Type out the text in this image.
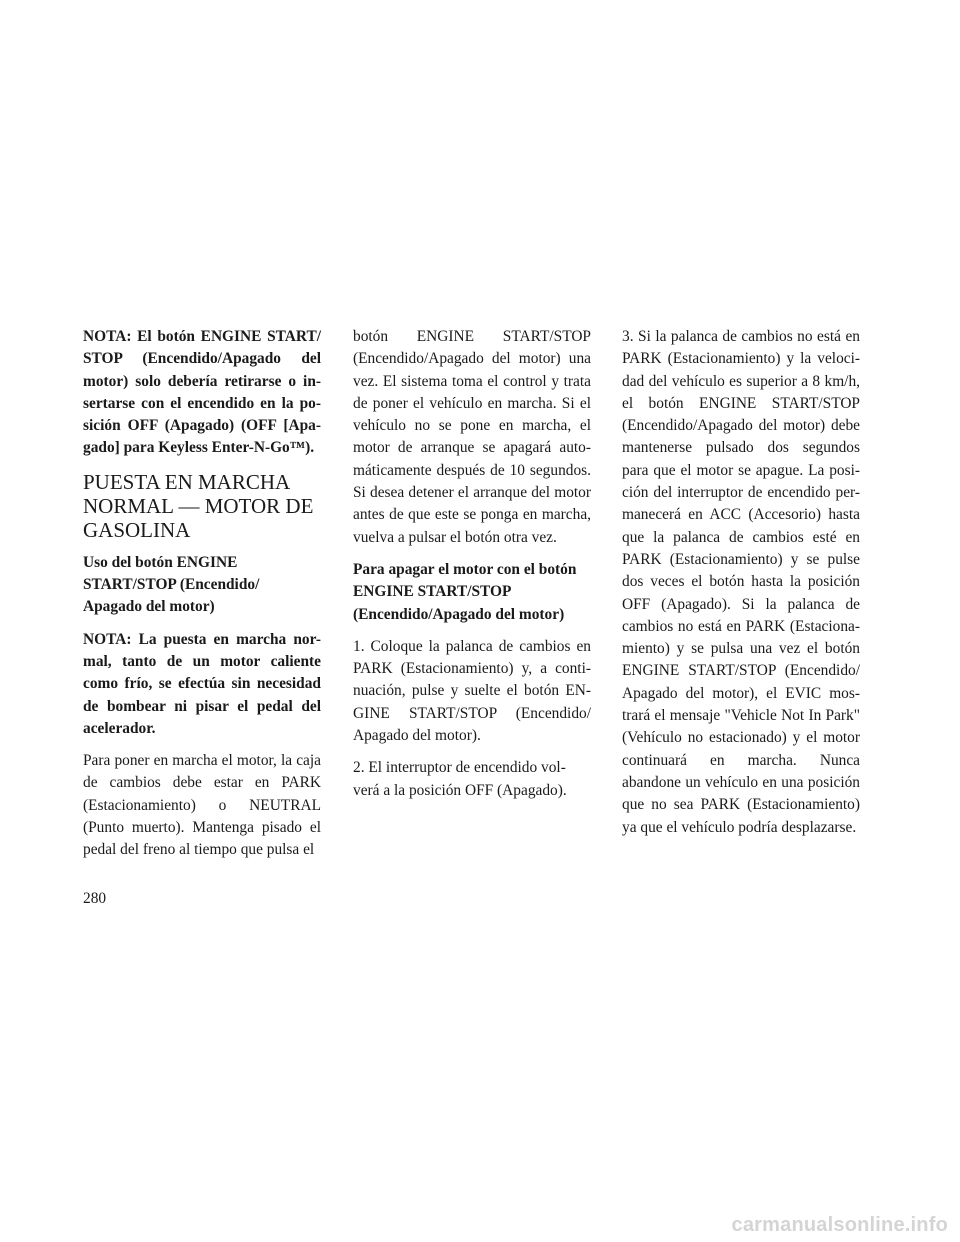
NOTA: El botón ENGINE START/ STOP (Encendido/Apagado del motor) solo debería retirarse o in- sertarse con el encendido en la po- sición OFF (Apagado) (OFF [Apa- gado] para Keyless Enter-N-Go™).

PUESTA EN MARCHA NORMAL — MOTOR DE GASOLINA

Uso del botón ENGINE START/STOP (Encendido/ Apagado del motor)

NOTA: La puesta en marcha nor- mal, tanto de un motor caliente como frío, se efectúa sin necesidad de bombear ni pisar el pedal del acelerador.

Para poner en marcha el motor, la caja de cambios debe estar en PARK (Estacionamiento) o NEUTRAL (Punto muerto). Mantenga pisado el pedal del freno al tiempo que pulsa el

botón ENGINE START/STOP (Encendido/Apagado del motor) una vez. El sistema toma el control y trata de poner el vehículo en marcha. Si el vehículo no se pone en marcha, el motor de arranque se apagará auto- máticamente después de 10 segundos. Si desea detener el arranque del motor antes de que este se ponga en marcha, vuelva a pulsar el botón otra vez.

Para apagar el motor con el botón ENGINE START/STOP (Encendido/Apagado del motor)

1. Coloque la palanca de cambios en PARK (Estacionamiento) y, a conti- nuación, pulse y suelte el botón EN- GINE START/STOP (Encendido/ Apagado del motor).

2. El interruptor de encendido vol- verá a la posición OFF (Apagado).

3. Si la palanca de cambios no está en PARK (Estacionamiento) y la veloci- dad del vehículo es superior a 8 km/h, el botón ENGINE START/STOP (Encendido/Apagado del motor) debe mantenerse pulsado dos segundos para que el motor se apague. La posi- ción del interruptor de encendido per- manecerá en ACC (Accesorio) hasta que la palanca de cambios esté en PARK (Estacionamiento) y se pulse dos veces el botón hasta la posición OFF (Apagado). Si la palanca de cambios no está en PARK (Estaciona- miento) y se pulsa una vez el botón ENGINE START/STOP (Encendido/ Apagado del motor), el EVIC mos- trará el mensaje "Vehicle Not In Park" (Vehículo no estacionado) y el motor continuará en marcha. Nunca abandone un vehículo en una posición que no sea PARK (Estacionamiento) ya que el vehículo podría desplazarse.

280
carmanualsonline.info
